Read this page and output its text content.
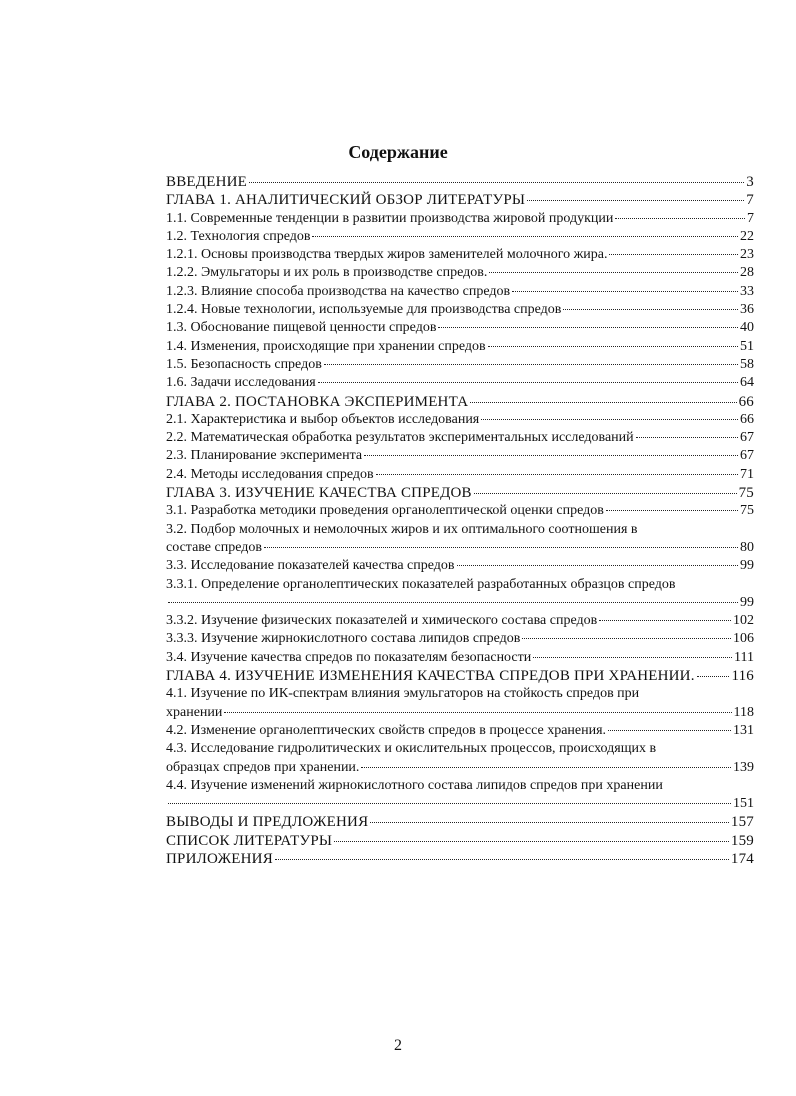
Содержание
ВВЕДЕНИЕ	3
ГЛАВА 1. АНАЛИТИЧЕСКИЙ ОБЗОР ЛИТЕРАТУРЫ	7
1.1. Современные тенденции в развитии производства жировой продукции	7
1.2. Технология спредов	22
1.2.1. Основы производства твердых жиров заменителей молочного жира.	23
1.2.2. Эмульгаторы и их роль в производстве спредов.	28
1.2.3. Влияние способа производства на качество спредов	33
1.2.4. Новые технологии, используемые для производства спредов	36
1.3. Обоснование пищевой ценности спредов	40
1.4. Изменения, происходящие при хранении спредов	51
1.5. Безопасность спредов	58
1.6. Задачи исследования	64
ГЛАВА 2. ПОСТАНОВКА ЭКСПЕРИМЕНТА	66
2.1. Характеристика и выбор объектов исследования	66
2.2. Математическая обработка результатов экспериментальных исследований	67
2.3. Планирование эксперимента	67
2.4. Методы исследования спредов	71
ГЛАВА 3. ИЗУЧЕНИЕ КАЧЕСТВА СПРЕДОВ	75
3.1. Разработка методики проведения органолептической оценки спредов	75
3.2. Подбор молочных и немолочных жиров и их оптимального соотношения в
составе спредов	80
3.3. Исследование показателей качества спредов	99
3.3.1. Определение органолептических показателей разработанных образцов спредов
99
3.3.2. Изучение физических показателей и химического состава спредов	102
3.3.3. Изучение жирнокислотного состава липидов спредов	106
3.4. Изучение качества спредов по показателям безопасности	111
ГЛАВА 4. ИЗУЧЕНИЕ ИЗМЕНЕНИЯ КАЧЕСТВА СПРЕДОВ ПРИ ХРАНЕНИИ. 116
4.1. Изучение по ИК-спектрам влияния эмульгаторов на стойкость спредов при
хранении	118
4.2. Изменение органолептических свойств спредов в процессе хранения.	131
4.3. Исследование гидролитических и окислительных процессов, происходящих в
образцах спредов при хранении.	139
4.4. Изучение изменений жирнокислотного состава липидов спредов при хранении
151
ВЫВОДЫ И ПРЕДЛОЖЕНИЯ	157
СПИСОК ЛИТЕРАТУРЫ	159
ПРИЛОЖЕНИЯ	174
2
